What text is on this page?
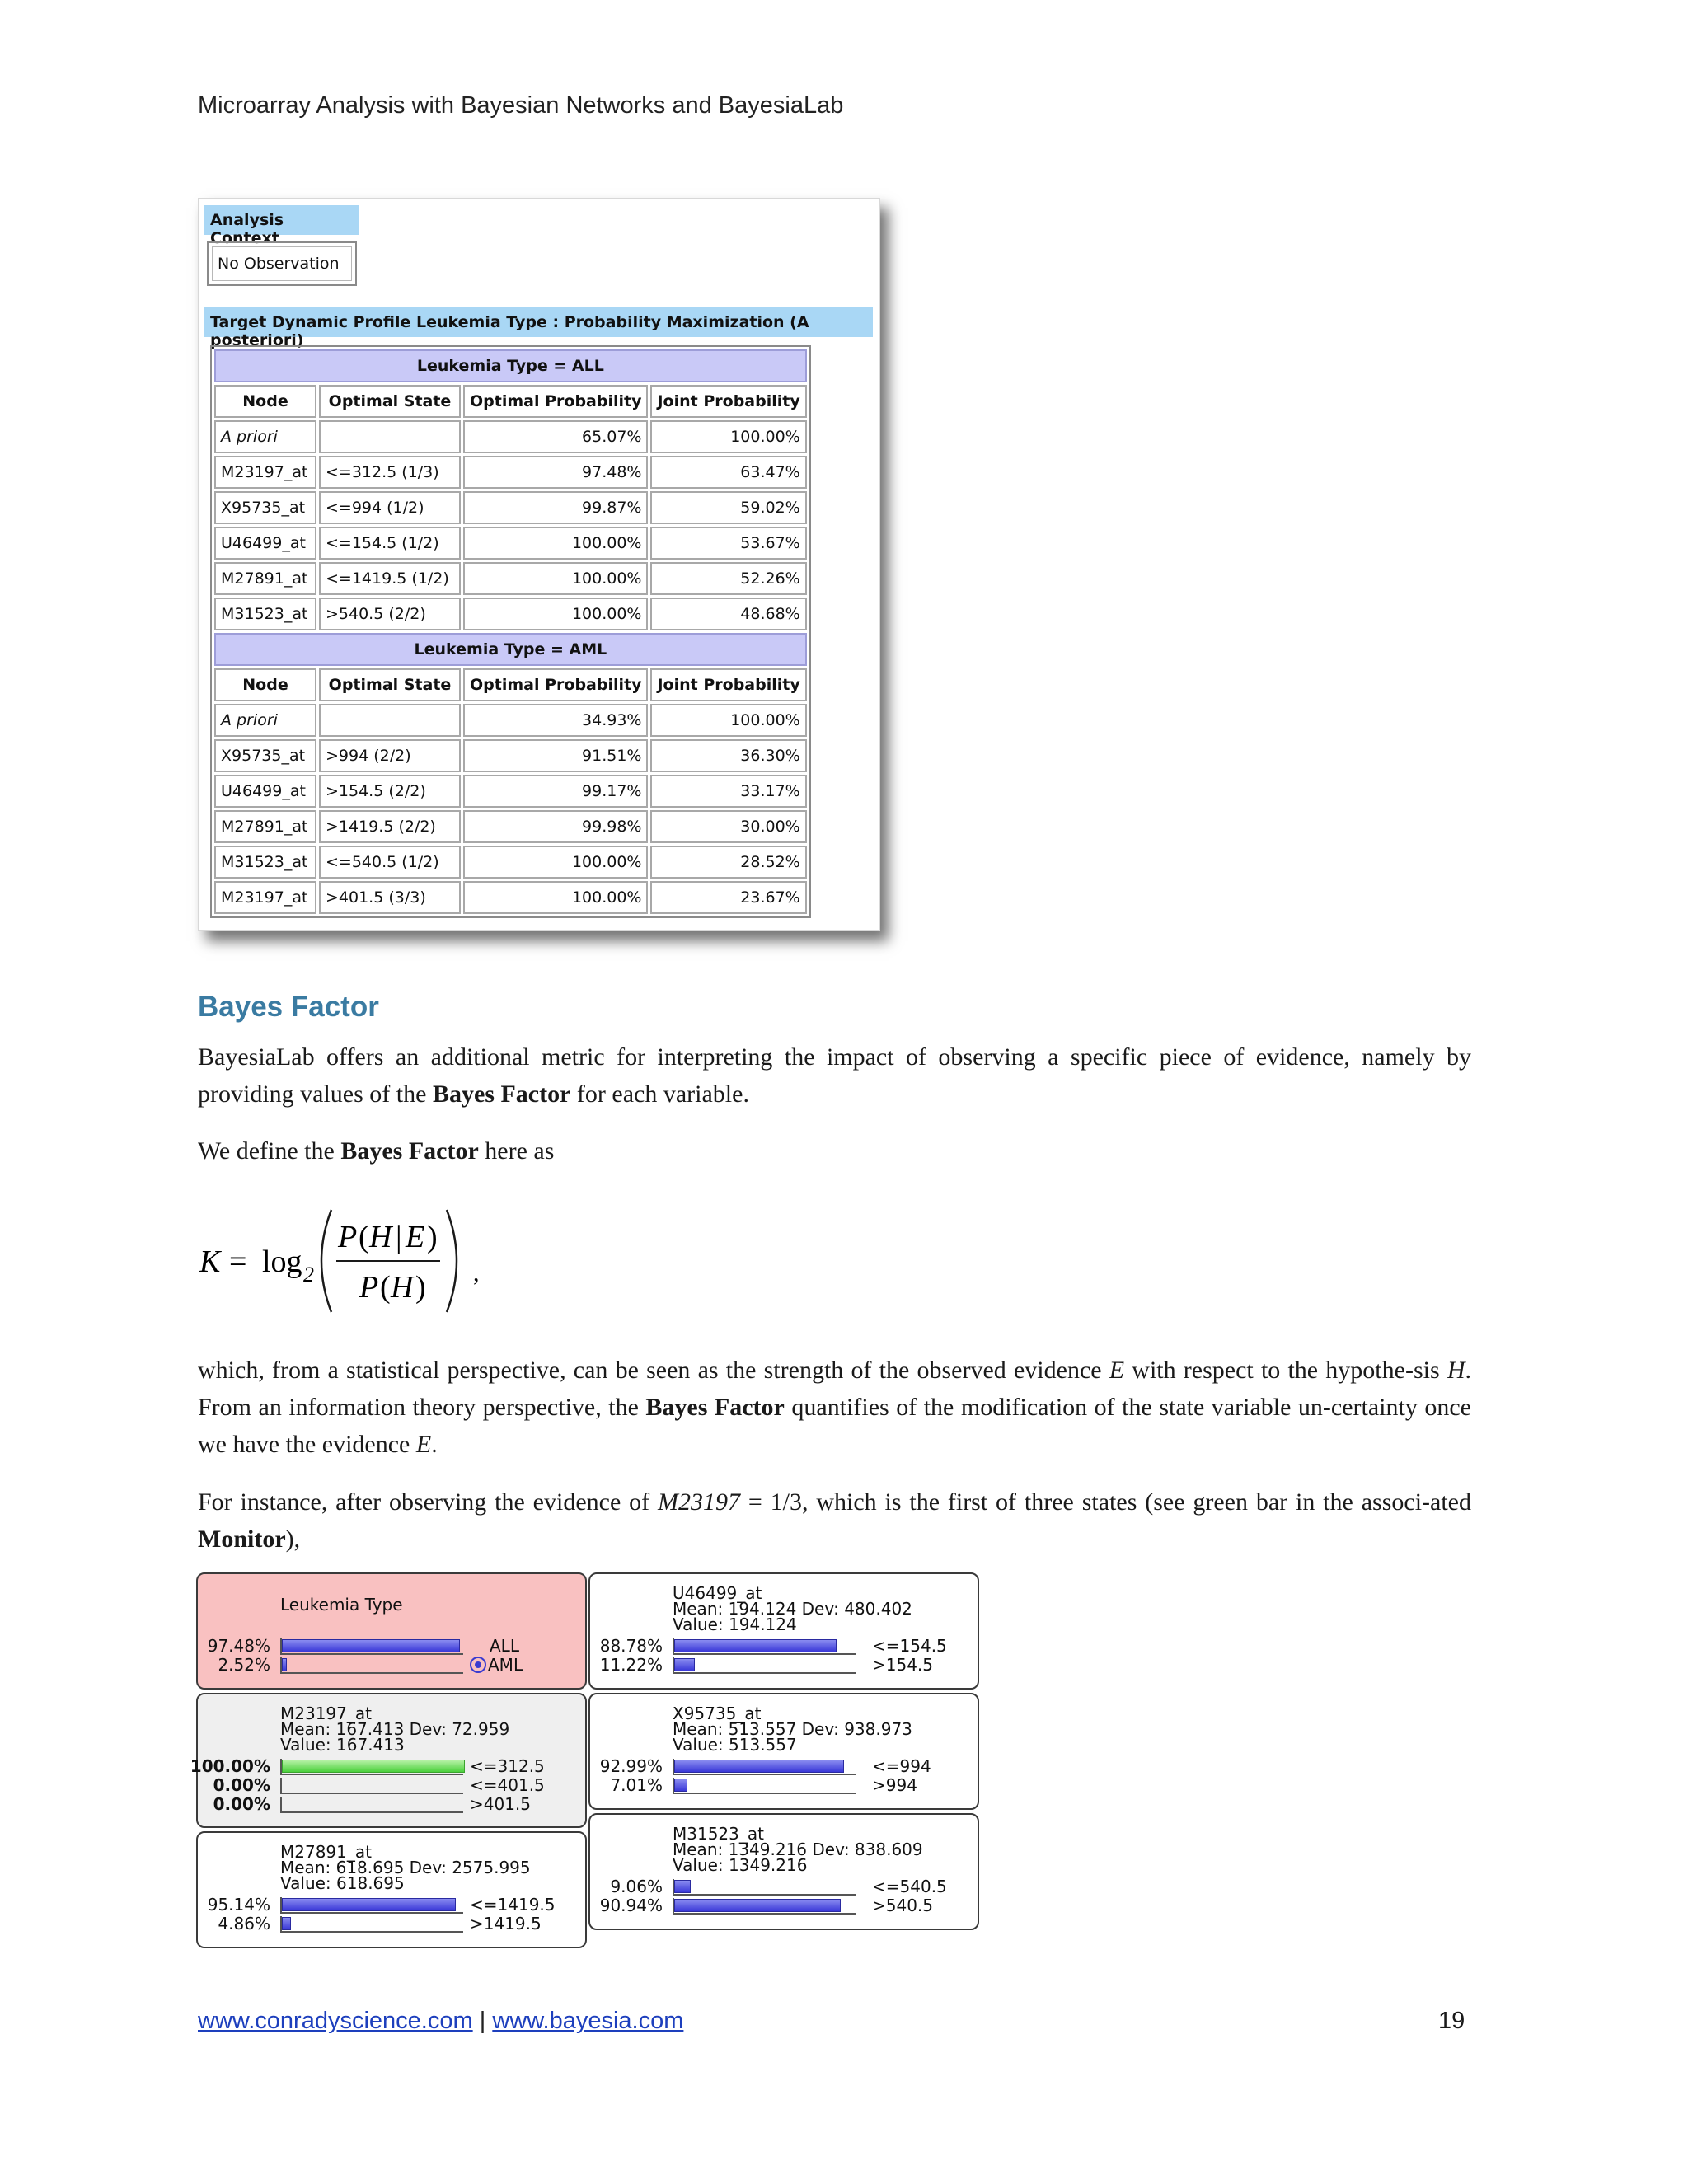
Microarray Analysis with Bayesian Networks and BayesiaLab
Analysis Context
No Observation
Target Dynamic Profile Leukemia Type : Probability Maximization (A posteriori)
Leukemia Type = ALL			
Node	Optimal State	Optimal Probability	Joint Probability
A priori		65.07%	100.00%
M23197_at	<=312.5 (1/3)	97.48%	63.47%
X95735_at	<=994 (1/2)	99.87%	59.02%
U46499_at	<=154.5 (1/2)	100.00%	53.67%
M27891_at	<=1419.5 (1/2)	100.00%	52.26%
M31523_at	>540.5 (2/2)	100.00%	48.68%
Leukemia Type = AML			
Node	Optimal State	Optimal Probability	Joint Probability
A priori		34.93%	100.00%
X95735_at	>994 (2/2)	91.51%	36.30%
U46499_at	>154.5 (2/2)	99.17%	33.17%
M27891_at	>1419.5 (2/2)	99.98%	30.00%
M31523_at	<=540.5 (1/2)	100.00%	28.52%
M23197_at	>401.5 (3/3)	100.00%	23.67%
Bayes Factor

BayesiaLab offers an additional metric for interpreting the impact of observing a specific piece of evidence, namely by providing values of the Bayes Factor for each variable.

We define the Bayes Factor here as

K = log 2
P ( H | E )
P ( H ) ,

which, from a statistical perspective, can be seen as the strength of the observed evidence E with respect to the hypothe-sis H. From an information theory perspective, the Bayes Factor quantifies of the modification of the state variable un-certainty once we have the evidence E.

For instance, after observing the evidence of M23197 = 1/3, which is the first of three states (see green bar in the associ-ated Monitor),

Leukemia Type
97.48%	ALL
2.52%	AML
U46499_at
Mean: 194.124 Dev: 480.402
Value: 194.124
88.78%	<=154.5
11.22%	>154.5
M23197_at
Mean: 167.413 Dev: 72.959
Value: 167.413
100.00%	<=312.5
0.00%	<=401.5
0.00%	>401.5
X95735_at
Mean: 513.557 Dev: 938.973
Value: 513.557
92.99%	<=994
7.01%	>994
M27891_at
Mean: 618.695 Dev: 2575.995
Value: 618.695
95.14%	<=1419.5
4.86%	>1419.5
M31523_at
Mean: 1349.216 Dev: 838.609
Value: 1349.216
9.06%	<=540.5
90.94%	>540.5
www.conradyscience.com | www.bayesia.com	19
